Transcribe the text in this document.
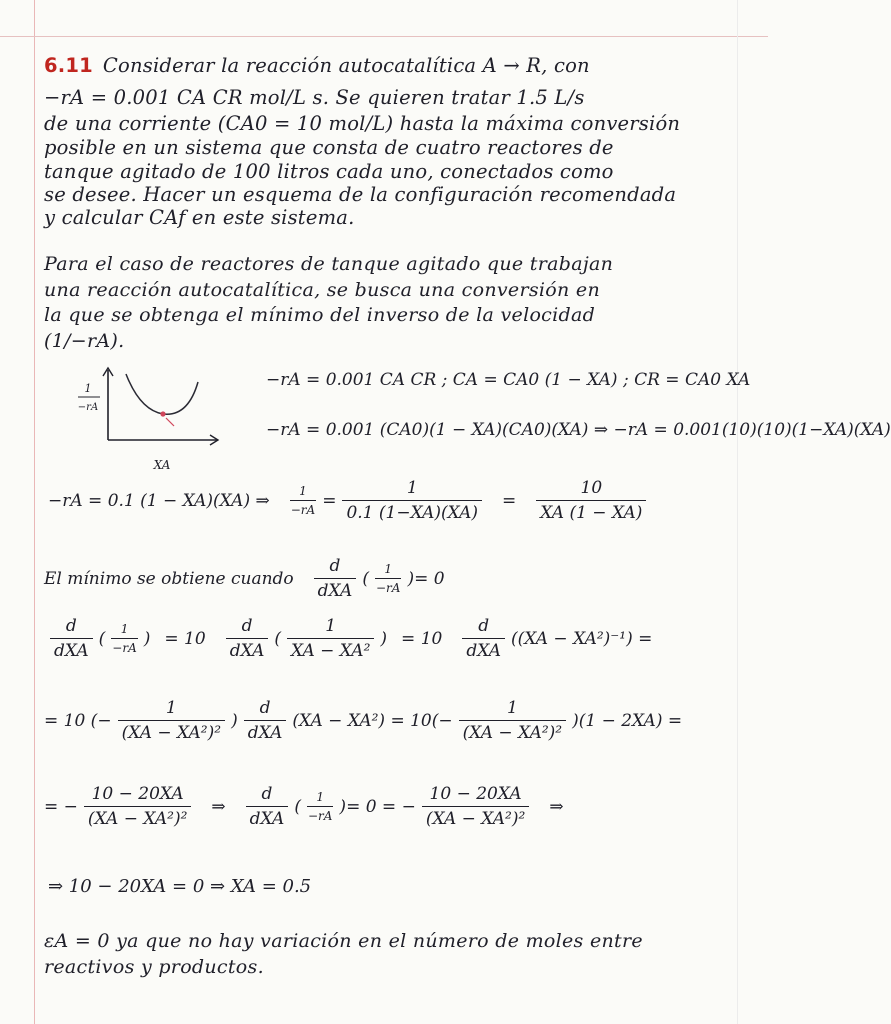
6.11 Considerar la reacción autocatalítica A → R, con
−rA = 0.001 CA CR mol/L s. Se quieren tratar 1.5 L/s
de una corriente (CA0 = 10 mol/L) hasta la máxima conversión
posible en un sistema que consta de cuatro reactores de
tanque agitado de 100 litros cada uno, conectados como
se desee. Hacer un esquema de la configuración recomendada
y calcular CAf en este sistema.
Para el caso de reactores de tanque agitado que trabajan
una reacción autocatalítica, se busca una conversión en
la que se obtenga el mínimo del inverso de la velocidad
(1/−rA).
1
−rA
XA
−rA = 0.001 CA CR ; CA = CA0 (1 − XA) ; CR = CA0 XA
−rA = 0.001 (CA0)(1 − XA)(CA0)(XA) ⇒ −rA = 0.001(10)(10)(1−XA)(XA)
−rA = 0.1 (1 − XA)(XA) ⇒ $\frac{1}{-rA} = \frac{1}{0.1 (1-XA)(XA)} = \frac{10}{XA (1 - XA)}$
El mínimo se obtiene cuando $\frac{d}{\text{dXA}}$ ( $\frac{1}{-rA}$ ) = 0
$\frac{d}{\text{dXA}}$ ( $\frac{1}{-rA}$ ) = $10 \frac{d}{\text{dXA}}$ ( $\frac{1}{\text{XA − XA²}}$ ) = $10 \frac{d}{\text{dXA}} ((XA - XA^2)^{-1})$ =
= 10 (− $\frac{1}{\text{(XA − XA²)²}}$ ) $\frac{d}{\text{dXA}} (XA - XA^2) = 10(- \frac{1}{\text{(XA − XA²)²}} )(1 - 2XA)$ =
= − $\frac{10 - 20XA}{\text{(XA − XA²)²}}$ ⇒ $\frac{d}{\text{dXA}}$ ( $\frac{1}{-rA}$ ) = 0 = − $\frac{10 - 20XA}{\text{(XA − XA²)²}}$ ⇒
⇒ 10 − 20XA = 0 ⇒ XA = 0.5
εA = 0 ya que no hay variación en el número de moles entre
reactivos y productos.
